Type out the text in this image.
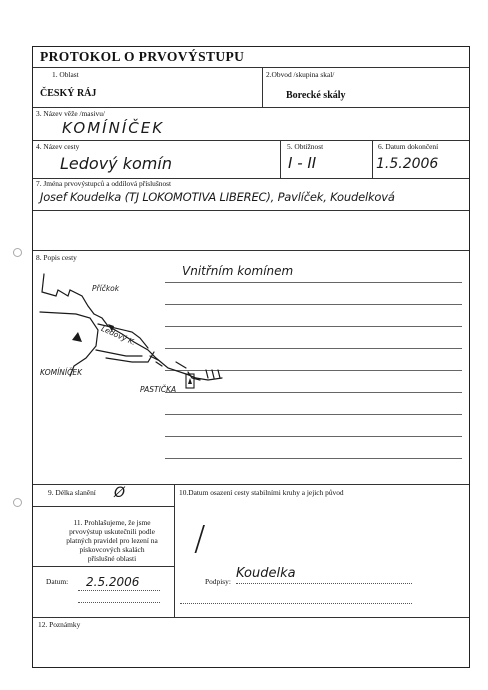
PROTOKOL O PRVOVÝSTUPU
1. Oblast
ČESKÝ RÁJ
2.Obvod /skupina skal/
Borecké skály
3. Název věže /masivu/
KOMÍNÍČEK
4. Název cesty
Ledový komín
5. Obtížnost
I - II
6. Datum dokončení
1.5.2006
7. Jména prvovýstupců a oddílová příslušnost
Josef Koudelka (TJ LOKOMOTIVA LIBEREC), Pavlíček, Koudelková
8. Popis cesty
Vnitřním komínem
Příčkok
Ledový K.
KOMÍNÍČEK
PASTIČKA
9. Délka slanění Ø	10.Datum osazení cesty stabilními kruhy a jejich původ
11. Prohlašujeme, že jsme
prvovýstup uskutečnili podle
platných pravidel pro lezení na
pískovcových skalách
příslušné oblasti	/
Datum: 2.5.2006	Podpisy:
Koudelka
12. Poznámky
